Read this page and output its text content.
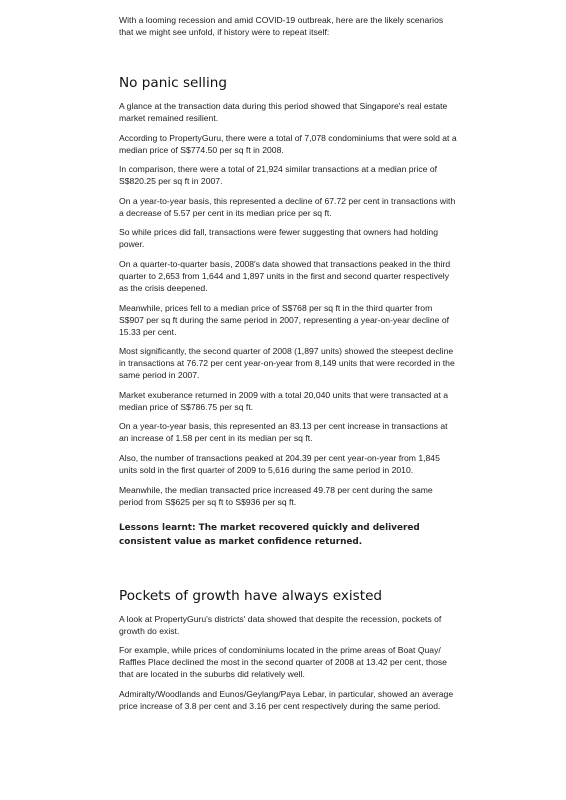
With a looming recession and amid COVID-19 outbreak, here are the likely scenarios that we might see unfold, if history were to repeat itself:

No panic selling

A glance at the transaction data during this period showed that Singapore's real estate market remained resilient.

According to PropertyGuru, there were a total of 7,078 condominiums that were sold at a median price of S$774.50 per sq ft in 2008.

In comparison, there were a total of 21,924 similar transactions at a median price of S$820.25 per sq ft in 2007.

On a year-to-year basis, this represented a decline of 67.72 per cent in transactions with a decrease of 5.57 per cent in its median price per sq ft.

So while prices did fall, transactions were fewer suggesting that owners had holding power.

On a quarter-to-quarter basis, 2008's data showed that transactions peaked in the third quarter to 2,653 from 1,644 and 1,897 units in the first and second quarter respectively as the crisis deepened.

Meanwhile, prices fell to a median price of S$768 per sq ft in the third quarter from S$907 per sq ft during the same period in 2007, representing a year-on-year decline of 15.33 per cent.

Most significantly, the second quarter of 2008 (1,897 units) showed the steepest decline in transactions at 76.72 per cent year-on-year from 8,149 units that were recorded in the same period in 2007.

Market exuberance returned in 2009 with a total 20,040 units that were transacted at a median price of S$786.75 per sq ft.

On a year-to-year basis, this represented an 83.13 per cent increase in transactions at an increase of 1.58 per cent in its median per sq ft.

Also, the number of transactions peaked at 204.39 per cent year-on-year from 1,845 units sold in the first quarter of 2009 to 5,616 during the same period in 2010.

Meanwhile, the median transacted price increased 49.78 per cent during the same period from S$625 per sq ft to S$936 per sq ft.

Lessons learnt: The market recovered quickly and delivered consistent value as market confidence returned.

Pockets of growth have always existed

A look at PropertyGuru's districts' data showed that despite the recession, pockets of growth do exist.

For example, while prices of condominiums located in the prime areas of Boat Quay/ Raffles Place declined the most in the second quarter of 2008 at 13.42 per cent, those that are located in the suburbs did relatively well.

Admiralty/Woodlands and Eunos/Geylang/Paya Lebar, in particular, showed an average price increase of 3.8 per cent and 3.16 per cent respectively during the same period.
